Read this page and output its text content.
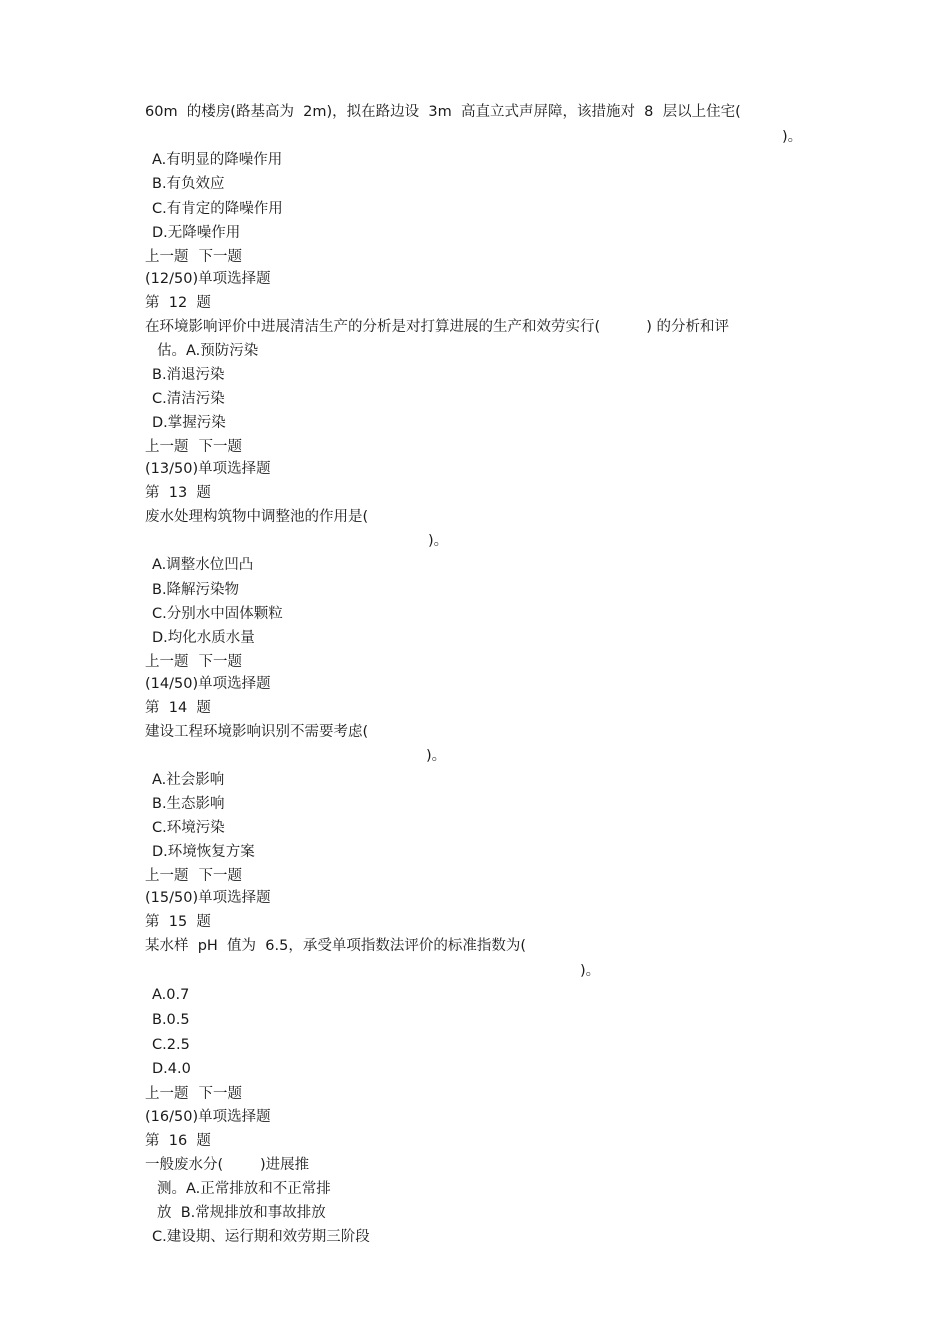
60m  的楼房(路基高为  2m)，拟在路边设  3m  高直立式声屏障，该措施对  8  层以上住宅(
)。
A.有明显的降噪作用
B.有负效应
C.有肯定的降噪作用
D.无降噪作用
上一题 下一题
(12/50)单项选择题
第  12  题
在环境影响评价中进展清洁生产的分析是对打算进展的生产和效劳实行(          ) 的分析和评
估。A.预防污染
B.消退污染
C.清洁污染
D.掌握污染
上一题 下一题
(13/50)单项选择题
第  13  题
废水处理构筑物中调整池的作用是(
)。
A.调整水位凹凸
B.降解污染物
C.分别水中固体颗粒
D.均化水质水量
上一题 下一题
(14/50)单项选择题
第  14  题
建设工程环境影响识别不需要考虑(
)。
A.社会影响
B.生态影响
C.环境污染
D.环境恢复方案
上一题 下一题
(15/50)单项选择题
第  15  题
某水样  pH  值为  6.5，承受单项指数法评价的标准指数为(
)。
A.0.7
B.0.5
C.2.5
D.4.0
上一题 下一题
(16/50)单项选择题
第  16  题
一般废水分(        )进展推
测。A.正常排放和不正常排
放  B.常规排放和事故排放
C.建设期、运行期和效劳期三阶段
